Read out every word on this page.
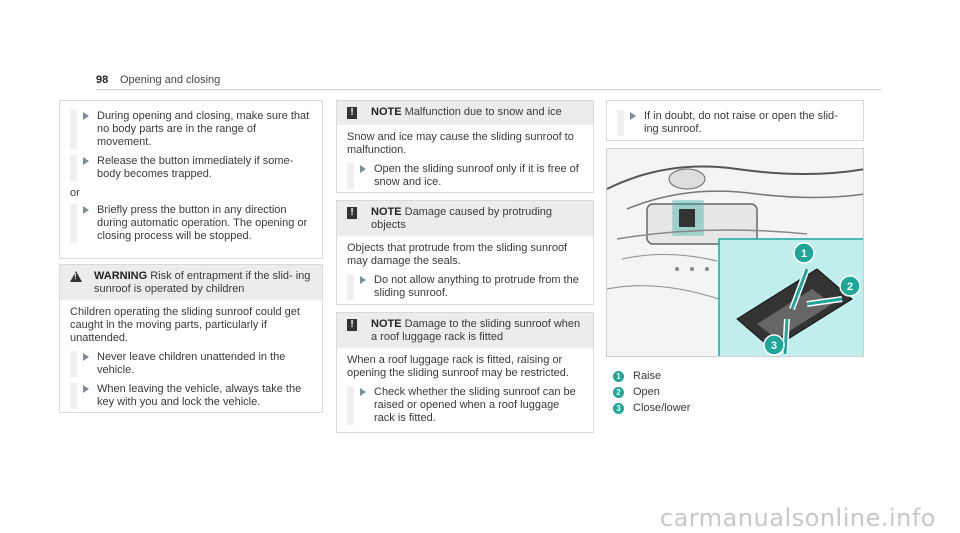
98 Opening and closing
During opening and closing, make sure that no body parts are in the range of movement.
Release the button immediately if some- body becomes trapped.
or
Briefly press the button in any direction during automatic operation. The opening or closing process will be stopped.
!
WARNING Risk of entrapment if the slid- ing sunroof is operated by children
Children operating the sliding sunroof could get caught in the moving parts, particularly if unattended.
Never leave children unattended in the vehicle.
When leaving the vehicle, always take the key with you and lock the vehicle.
!	NOTE Malfunction due to snow and ice
Snow and ice may cause the sliding sunroof to malfunction.
Open the sliding sunroof only if it is free of snow and ice.
!	NOTE Damage caused by protruding objects
Objects that protrude from the sliding sunroof may damage the seals.
Do not allow anything to protrude from the sliding sunroof.
!	NOTE Damage to the sliding sunroof when a roof luggage rack is fitted
When a roof luggage rack is fitted, raising or opening the sliding sunroof may be restricted.
Check whether the sliding sunroof can be raised or opened when a roof luggage rack is fitted.
If in doubt, do not raise or open the slid- ing sunroof.
1
2
3
1 Raise
2 Open
3 Close/lower
carmanualsonline.info
